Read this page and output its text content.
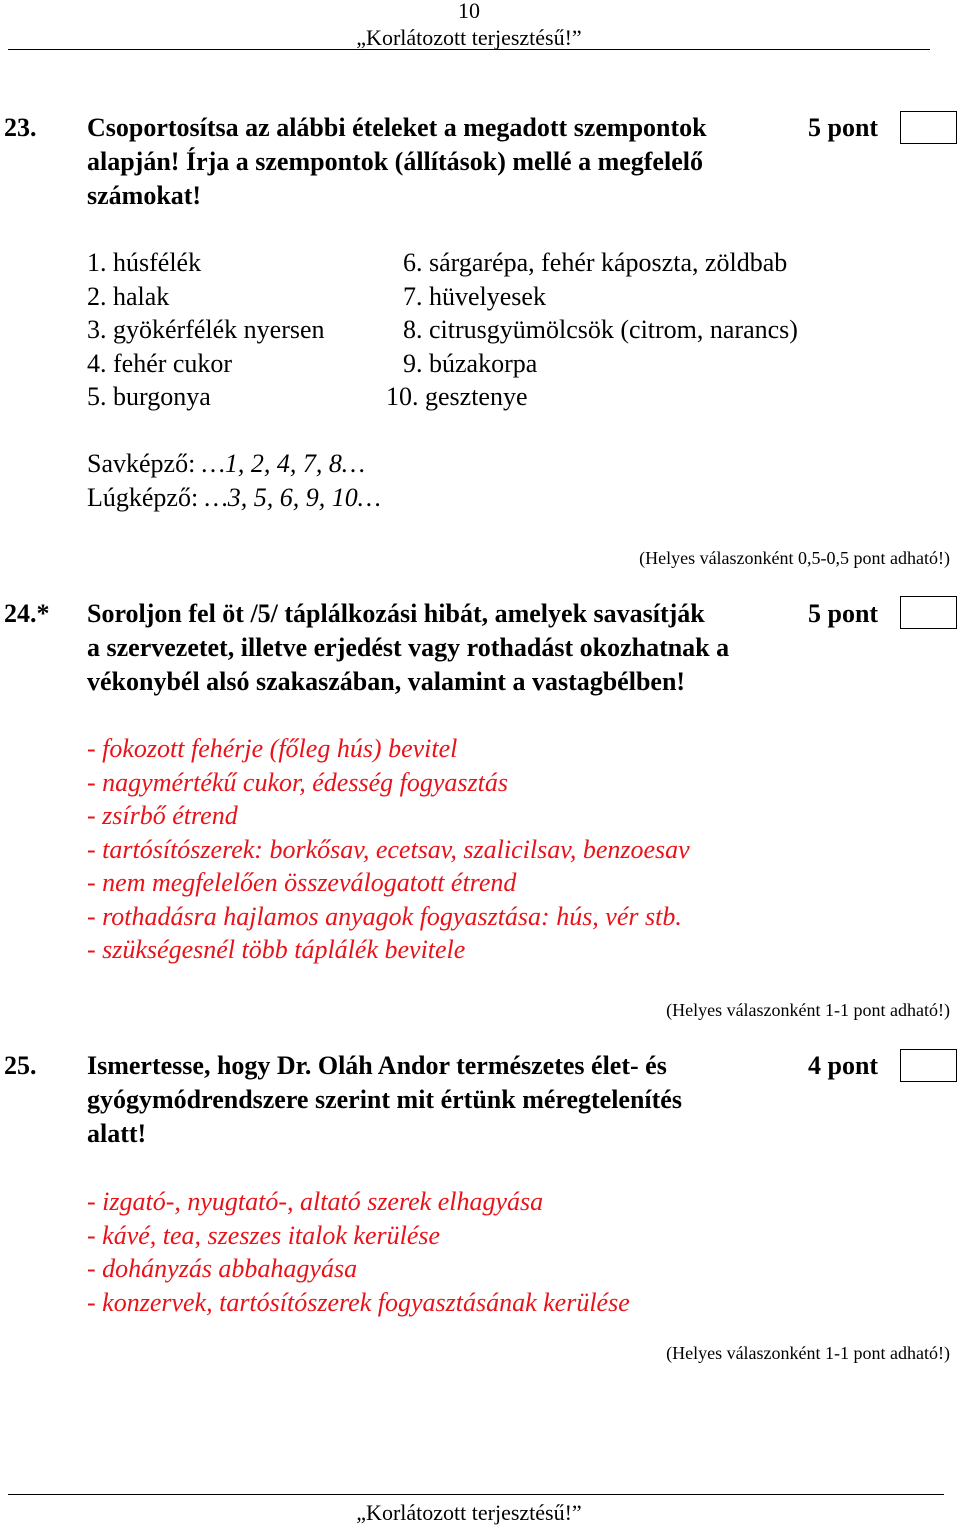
10
„Korlátozott terjesztésű!”
23. Csoportosítsa az alábbi ételeket a megadott szempontok
alapján! Írja a szempontok (állítások) mellé a megfelelő
számokat!
5 pont
1. húsfélék
2. halak
3. gyökérfélék nyersen
4. fehér cukor
5. burgonya
6. sárgarépa, fehér káposzta, zöldbab
7. hüvelyesek
8. citrusgyümölcsök (citrom, narancs)
9. búzakorpa
10. gesztenye
Savképző: …1, 2, 4, 7, 8…
Lúgképző: …3, 5, 6, 9, 10…
(Helyes válaszonként 0,5-0,5 pont adható!)
24.* Soroljon fel öt /5/ táplálkozási hibát, amelyek savasítják
a szervezetet, illetve erjedést vagy rothadást okozhatnak a
vékonybél alsó szakaszában, valamint a vastagbélben!
5 pont
- fokozott fehérje (főleg hús) bevitel
- nagymértékű cukor, édesség fogyasztás
- zsírbő étrend
- tartósítószerek: borkősav, ecetsav, szalicilsav, benzoesav
- nem megfelelően összeválogatott étrend
- rothadásra hajlamos anyagok fogyasztása: hús, vér stb.
- szükségesnél több táplálék bevitele
(Helyes válaszonként 1-1 pont adható!)
25. Ismertesse, hogy Dr. Oláh Andor természetes élet- és
gyógymódrendszere szerint mit értünk méregtelenítés
alatt!
4 pont
- izgató-, nyugtató-, altató szerek elhagyása
- kávé, tea, szeszes italok kerülése
- dohányzás abbahagyása
- konzervek, tartósítószerek fogyasztásának kerülése
(Helyes válaszonként 1-1 pont adható!)
„Korlátozott terjesztésű!”
